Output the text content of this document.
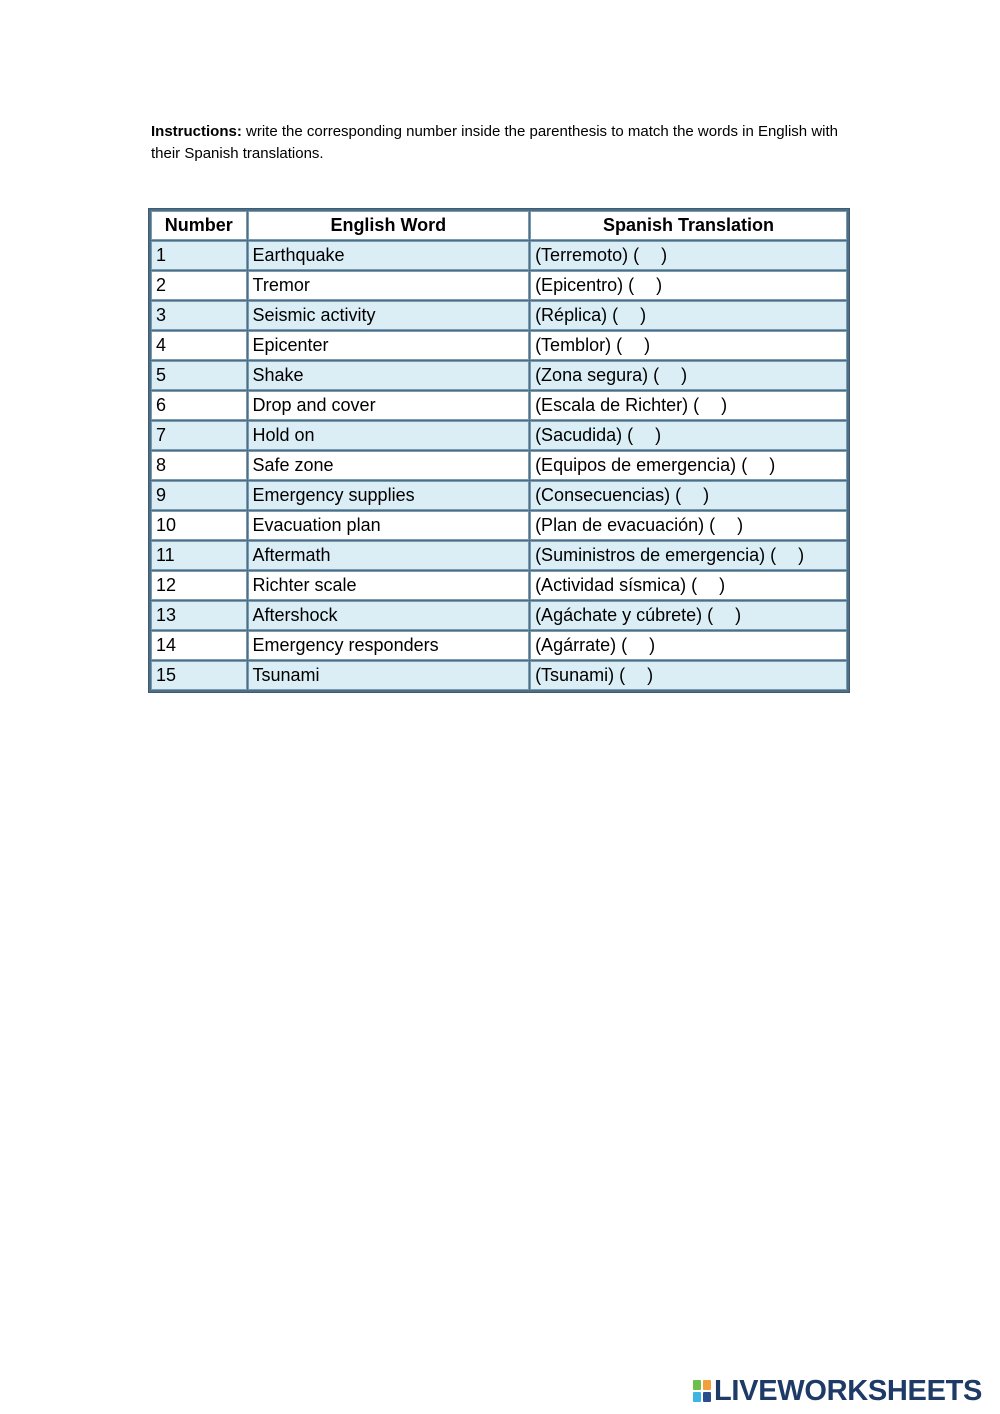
Instructions: write the corresponding number inside the parenthesis to match the words in English with their Spanish translations.
Number	English Word	Spanish Translation
1	Earthquake	(Terremoto) ( )
2	Tremor	(Epicentro) ( )
3	Seismic activity	(Réplica) ( )
4	Epicenter	(Temblor) ( )
5	Shake	(Zona segura) ( )
6	Drop and cover	(Escala de Richter) ( )
7	Hold on	(Sacudida) ( )
8	Safe zone	(Equipos de emergencia) ( )
9	Emergency supplies	(Consecuencias) ( )
10	Evacuation plan	(Plan de evacuación) ( )
11	Aftermath	(Suministros de emergencia) ( )
12	Richter scale	(Actividad sísmica) ( )
13	Aftershock	(Agáchate y cúbrete) ( )
14	Emergency responders	(Agárrate) ( )
15	Tsunami	(Tsunami) ( )
LIVEWORKSHEETS
